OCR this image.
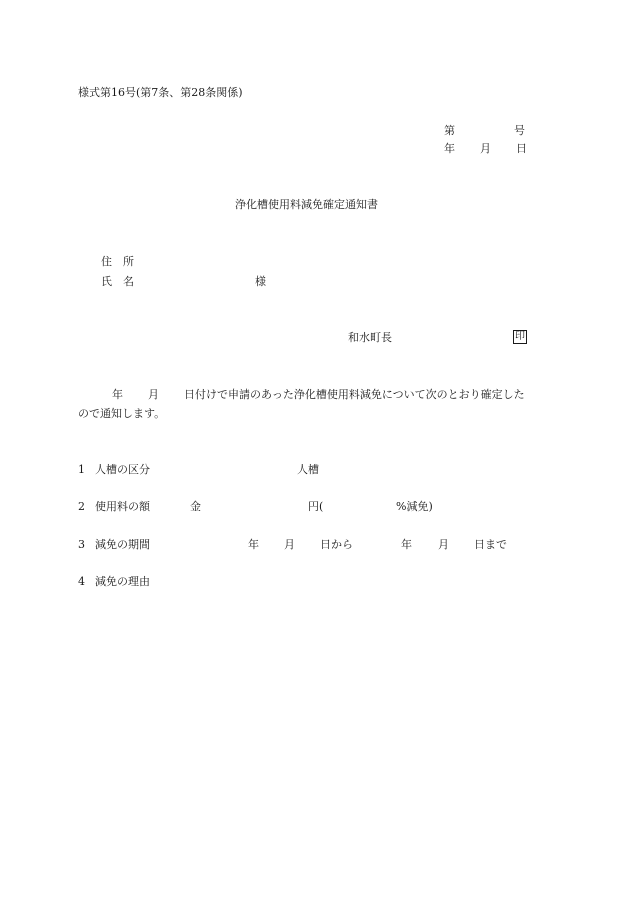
様式第16号(第7条、第28条関係)
第	号
年 月 日
浄化槽使用料減免確定通知書
住　所
氏　名	様
和水町長	印
年 月 日付けで申請のあった浄化槽使用料減免について次のとおり確定した
ので通知します。
1 人槽の区分	人槽
2 使用料の額	金	円(	%減免)
3 減免の期間	年 月 日から	年 月 日まで
4 減免の理由
